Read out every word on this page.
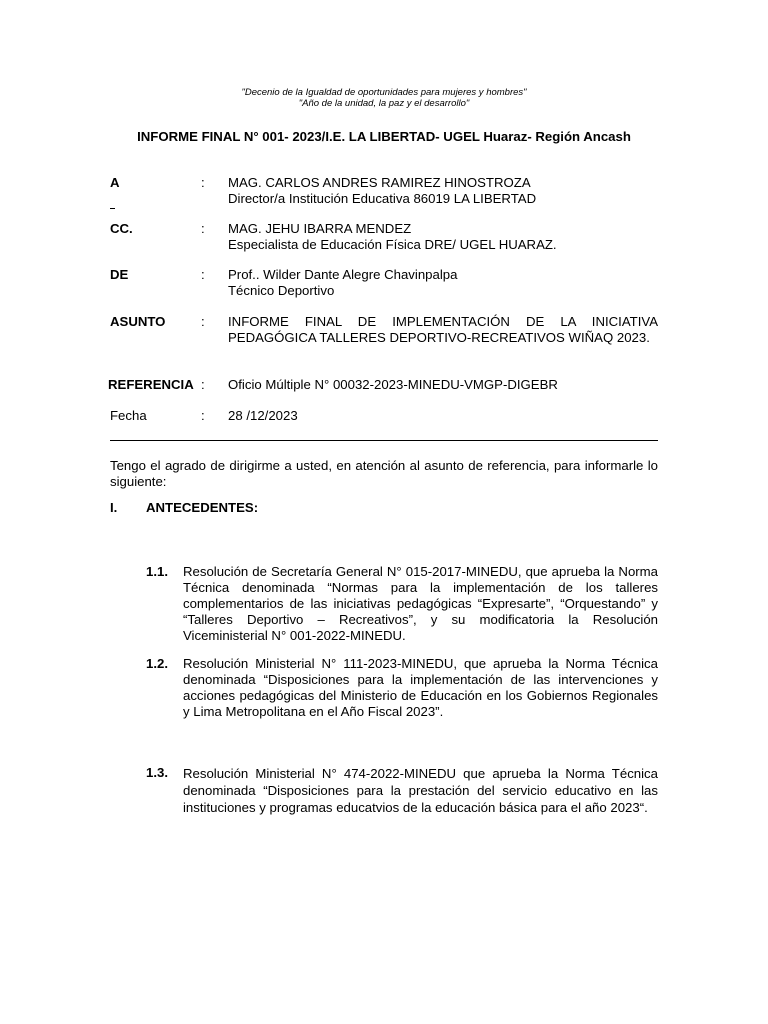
"Decenio de la Igualdad de oportunidades para mujeres y hombres"
"Año de la unidad, la paz y el desarrollo"
INFORME FINAL N° 001- 2023/I.E. LA LIBERTAD- UGEL Huaraz- Región Ancash
A	: MAG. CARLOS ANDRES RAMIREZ HINOSTROZA
Director/a Institución Educativa 86019 LA LIBERTAD
CC.	: MAG. JEHU IBARRA MENDEZ
Especialista de Educación Física DRE/ UGEL HUARAZ.
DE	: Prof.. Wilder Dante Alegre Chavinpalpa
Técnico Deportivo
ASUNTO	: INFORME FINAL DE IMPLEMENTACIÓN DE LA INICIATIVA PEDAGÓGICA TALLERES DEPORTIVO-RECREATIVOS WIÑAQ 2023.
REFERENCIA : Oficio Múltiple N° 00032-2023-MINEDU-VMGP-DIGEBR
Fecha	: 28 /12/2023
Tengo el agrado de dirigirme a usted, en atención al asunto de referencia, para informarle lo siguiente:
I. ANTECEDENTES:
1.1. Resolución de Secretaría General N° 015-2017-MINEDU, que aprueba la Norma Técnica denominada “Normas para la implementación de los talleres complementarios de las iniciativas pedagógicas “Expresarte”, “Orquestando” y “Talleres Deportivo – Recreativos”, y su modificatoria la Resolución Viceministerial N° 001-2022-MINEDU.
1.2. Resolución Ministerial N° 111-2023-MINEDU, que aprueba la Norma Técnica denominada “Disposiciones para la implementación de las intervenciones y acciones pedagógicas del Ministerio de Educación en los Gobiernos Regionales y Lima Metropolitana en el Año Fiscal 2023”.
1.3. Resolución Ministerial N° 474-2022-MINEDU que aprueba la Norma Técnica denominada “Disposiciones para la prestación del servicio educativo en las instituciones y programas educatvios de la educación básica para el año 2023“.
